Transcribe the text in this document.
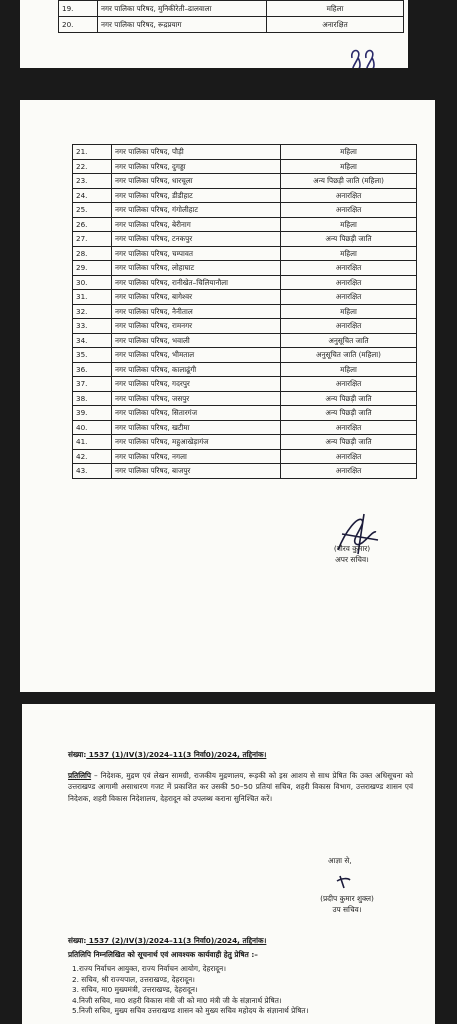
19.	नगर पालिका परिषद, मुनिकीरेती–ढालवाला	महिला
20.	नगर पालिका परिषद, रूद्रप्रयाग	अनारक्षित
21.	नगर पालिका परिषद, पौड़ी	महिला
22.	नगर पालिका परिषद, दुगड्डा	महिला
23.	नगर पालिका परिषद, धारचूला	अन्य पिछड़ी जाति (महिला)
24.	नगर पालिका परिषद, डीडीहाट	अनारक्षित
25.	नगर पालिका परिषद, गंगोलीहाट	अनारक्षित
26.	नगर पालिका परिषद, बेरीनाग	महिला
27.	नगर पालिका परिषद, टनकपुर	अन्य पिछड़ी जाति
28.	नगर पालिका परिषद, चम्पावत	महिला
29.	नगर पालिका परिषद, लोहाघाट	अनारक्षित
30.	नगर पालिका परिषद, रानीखेत–चिलियानौला	अनारक्षित
31.	नगर पालिका परिषद, बागेश्वर	अनारक्षित
32.	नगर पालिका परिषद, नैनीताल	महिला
33.	नगर पालिका परिषद, रामनगर	अनारक्षित
34.	नगर पालिका परिषद, भवाली	अनुसूचित जाति
35.	नगर पालिका परिषद, भीमताल	अनुसूचित जाति (महिला)
36.	नगर पालिका परिषद, कालाढूंगी	महिला
37.	नगर पालिका परिषद, गदरपुर	अनारक्षित
38.	नगर पालिका परिषद, जसपुर	अन्य पिछड़ी जाति
39.	नगर पालिका परिषद, सितारगंज	अन्य पिछड़ी जाति
40.	नगर पालिका परिषद, खटीमा	अनारक्षित
41.	नगर पालिका परिषद, महुआखेड़ागंज	अन्य पिछड़ी जाति
42.	नगर पालिका परिषद, नगला	अनारक्षित
43.	नगर पालिका परिषद, बाजपुर	अनारक्षित
(गौरव कुमार)
अपर सचिव।
संख्या: 1537 (1)/IV(3)/2024–11(3 निर्वा0)/2024, तद्दिनांक।
प्रतिलिपि – निदेशक, मुद्रण एवं लेखन सामग्री, राजकीय मुद्रणालय, रूड़की को इस आशय से साथ प्रेषित कि उक्त अधिसूचना को उत्तराखण्ड आगामी असाधारण गजट में प्रकाशित कर उसकी 50–50 प्रतियां सचिव, शहरी विकास विभाग, उत्तराखण्ड शासन एवं निदेशक, शहरी विकास निदेशालय, देहरादून को उपलब्ध कराना सुनिश्चित करें।
आज्ञा से,
(प्रदीप कुमार शुक्ल)
उप सचिव।
संख्या: 1537 (2)/IV(3)/2024–11(3 निर्वा0)/2024, तद्दिनांक।
प्रतिलिपि निम्नलिखित को सूचनार्थ एवं आवश्यक कार्यवाही हेतु प्रेषित :–
1.राज्य निर्वाचन आयुक्त, राज्य निर्वाचन आयोग, देहरादून।
2. सचिव, श्री राज्यपाल, उत्तराखण्ड, देहरादून।
3. सचिव, मा0 मुख्यमंत्री, उत्तराखण्ड, देहरादून।
4.निजी सचिव, मा0 शहरी विकास मंत्री जी को मा0 मंत्री जी के संज्ञानार्थ प्रेषित।
5.निजी सचिव, मुख्य सचिव उत्तराखण्ड शासन को मुख्य सचिव महोदय के संज्ञानार्थ प्रेषित।
